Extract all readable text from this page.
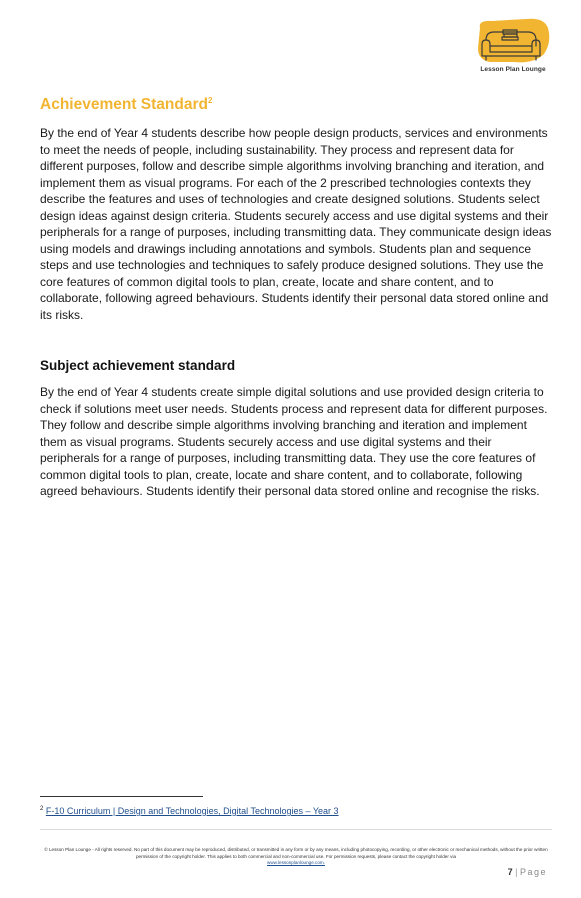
Lesson Plan Lounge
Achievement Standard$^2$
By the end of Year 4 students describe how people design products, services and environments to meet the needs of people, including sustainability. They process and represent data for different purposes, follow and describe simple algorithms involving branching and iteration, and implement them as visual programs. For each of the 2 prescribed technologies contexts they describe the features and uses of technologies and create designed solutions. Students select design ideas against design criteria. Students securely access and use digital systems and their peripherals for a range of purposes, including transmitting data. They communicate design ideas using models and drawings including annotations and symbols. Students plan and sequence steps and use technologies and techniques to safely produce designed solutions. They use the core features of common digital tools to plan, create, locate and share content, and to collaborate, following agreed behaviours. Students identify their personal data stored online and its risks.
Subject achievement standard
By the end of Year 4 students create simple digital solutions and use provided design criteria to check if solutions meet user needs. Students process and represent data for different purposes. They follow and describe simple algorithms involving branching and iteration and implement them as visual programs. Students securely access and use digital systems and their peripherals for a range of purposes, including transmitting data. They use the core features of common digital tools to plan, create, locate and share content, and to collaborate, following agreed behaviours. Students identify their personal data stored online and recognise the risks.
$^2$ F-10 Curriculum | Design and Technologies, Digital Technologies – Year 3
© Lesson Plan Lounge - All rights reserved. No part of this document may be reproduced, distributed, or transmitted in any form or by any means, including photocopying, recording, or other electronic or mechanical methods, without the prior written permission of the copyright holder. This applies to both commercial and non-commercial use. For permission requests, please contact the copyright holder via
www.lessonplanlounge.com.
7 | Page
